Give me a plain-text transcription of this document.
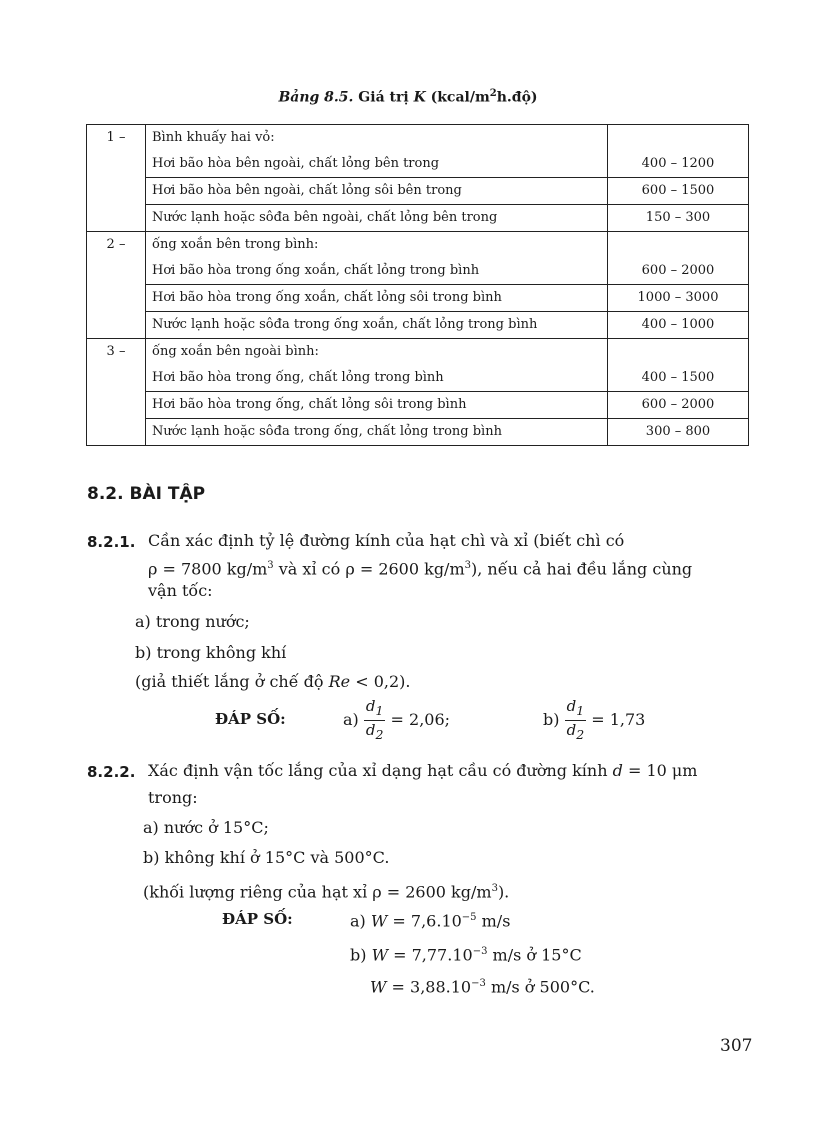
Bảng 8.5. Giá trị K $(kcal/m^2h.độ)$
1 –	Bình khuấy hai vỏ:	
	Hơi bão hòa bên ngoài, chất lỏng bên trong	400 – 1200
	Hơi bão hòa bên ngoài, chất lỏng sôi bên trong	600 – 1500
	Nước lạnh hoặc sôđa bên ngoài, chất lỏng bên trong	150 – 300
2 –	ống xoắn bên trong bình:	
	Hơi bão hòa trong ống xoắn, chất lỏng trong bình	600 – 2000
	Hơi bão hòa trong ống xoắn, chất lỏng sôi trong bình	1000 – 3000
	Nước lạnh hoặc sôđa trong ống xoắn, chất lỏng trong bình	400 – 1000
3 –	ống xoắn bên ngoài bình:	
	Hơi bão hòa trong ống, chất lỏng trong bình	400 – 1500
	Hơi bão hòa trong ống, chất lỏng sôi trong bình	600 – 2000
	Nước lạnh hoặc sôđa trong ống, chất lỏng trong bình	300 – 800
8.2. BÀI TẬP
8.2.1. Cần xác định tỷ lệ đường kính của hạt chì và xỉ (biết chì có
ρ = 7800 $kg/m^3$ và xỉ có ρ = 2600 $kg/m^3$), nếu cả hai đều lắng cùng
vận tốc:
a) trong nước;
b) trong không khí
(giả thiết lắng ở chế độ Re < 0,2).
ĐÁP SỐ:	$a) \frac{d_1}{d_2} = 2,06$;	$b) \frac{d_1}{d_2} = 1,73$
8.2.2. Xác định vận tốc lắng của xỉ dạng hạt cầu có đường kính d = 10 μm
trong:
a) nước ở 15°C;
b) không khí ở 15°C và 500°C.
(khối lượng riêng của hạt xỉ ρ = 2600 $kg/m^3$).
ĐÁP SỐ:	a) $W = 7,6.10^{-5}$ m/s
b) $W = 7,77.10^{-3}$ m/s ở 15°C
$W = 3,88.10^{-3}$ m/s ở 500°C.
307
